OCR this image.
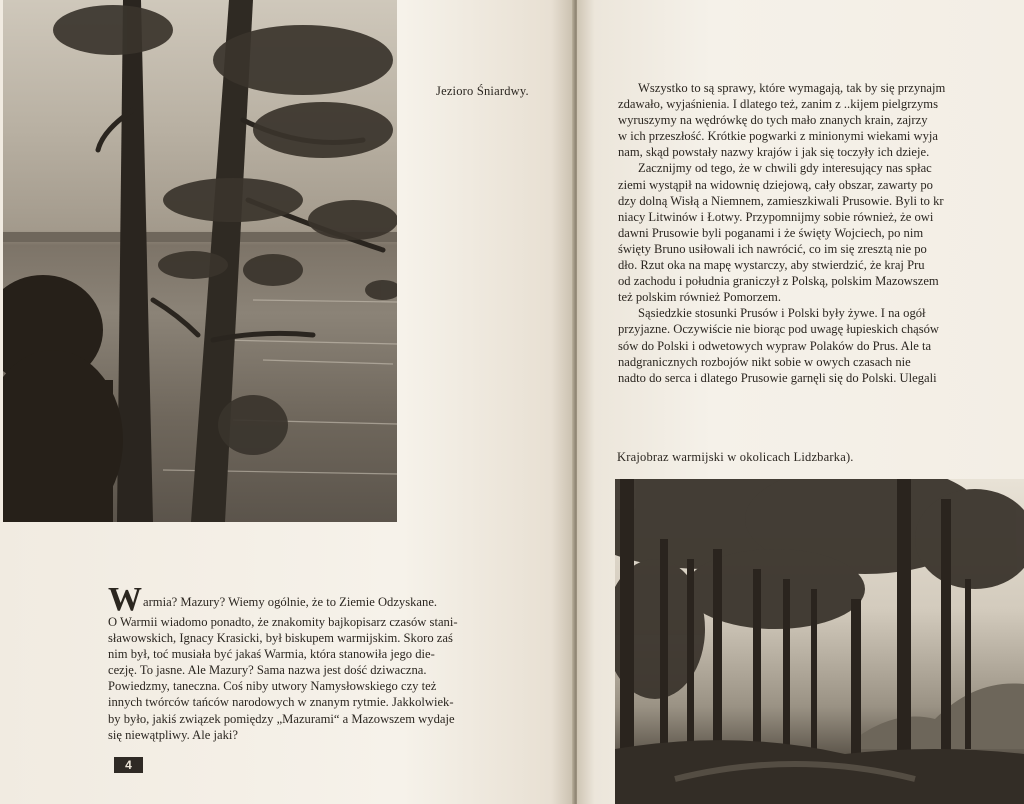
Jezioro Śniardwy.

Warmia? Mazury? Wiemy ogólnie, że to Ziemie Odzyskane.

O Warmii wiadomo ponadto, że znakomity bajkopisarz czasów stani-

sławowskich, Ignacy Krasicki, był biskupem warmijskim. Skoro zaś

nim był, toć musiała być jakaś Warmia, która stanowiła jego die-

cezję. To jasne. Ale Mazury? Sama nazwa jest dość dziwaczna.

Powiedzmy, taneczna. Coś niby utwory Namysłowskiego czy też

innych twórców tańców narodowych w znanym rytmie. Jakkolwiek-

by było, jakiś związek pomiędzy „Mazurami“ a Mazowszem wydaje

się niewątpliwy. Ale jaki?

4

Wszystko to są sprawy, które wymagają, tak by się przynajm

zdawało, wyjaśnienia. I dlatego też, zanim z ..kijem pielgrzyms

wyruszymy na wędrówkę do tych mało znanych krain, zajrzy

w ich przeszłość. Krótkie pogwarki z minionymi wiekami wyja

nam, skąd powstały nazwy krajów i jak się toczyły ich dzieje.

Zacznijmy od tego, że w chwili gdy interesujący nas spłac

ziemi wystąpił na widownię dziejową, cały obszar, zawarty po

dzy dolną Wisłą a Niemnem, zamieszkiwali Prusowie. Byli to kr

niacy Litwinów i Łotwy. Przypomnijmy sobie również, że owi

dawni Prusowie byli poganami i że święty Wojciech, po nim

święty Bruno usiłowali ich nawrócić, co im się zresztą nie po

dło. Rzut oka na mapę wystarczy, aby stwierdzić, że kraj Pru

od zachodu i południa graniczył z Polską, polskim Mazowszem

też polskim również Pomorzem.

Sąsiedzkie stosunki Prusów i Polski były żywe. I na ogół

przyjazne. Oczywiście nie biorąc pod uwagę łupieskich chąsów

sów do Polski i odwetowych wypraw Polaków do Prus. Ale ta

nadgranicznych rozbojów nikt sobie w owych czasach nie

nadto do serca i dlatego Prusowie garnęli się do Polski. Ulegali

Krajobraz warmijski w okolicach Lidzbarka).
